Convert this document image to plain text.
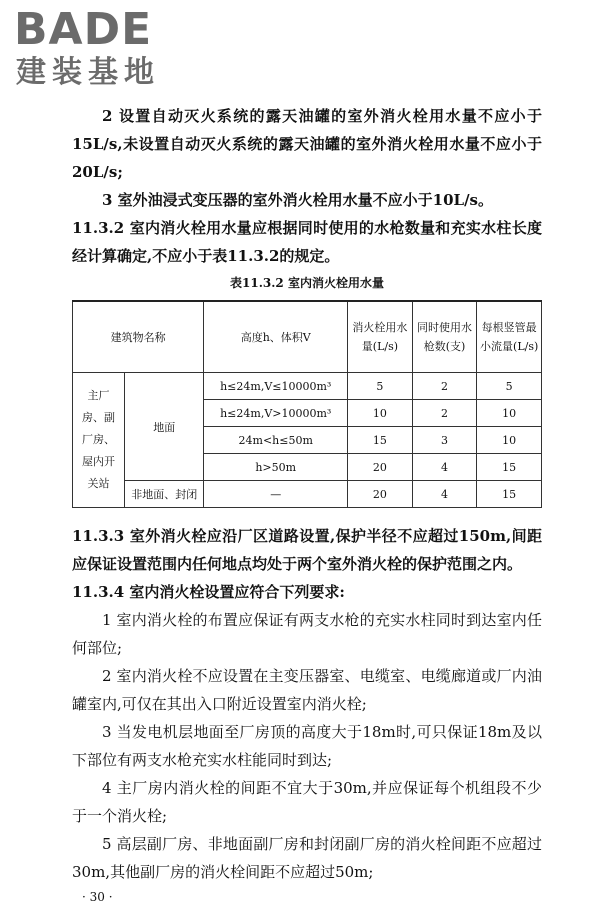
BADE
建装基地

2 设置自动灭火系统的露天油罐的室外消火栓用水量不应小于15L/s,未设置自动灭火系统的露天油罐的室外消火栓用水量不应小于20L/s;

3 室外油浸式变压器的室外消火栓用水量不应小于10L/s。

11.3.2 室内消火栓用水量应根据同时使用的水枪数量和充实水柱长度经计算确定,不应小于表11.3.2的规定。

表11.3.2 室内消火栓用水量
建筑物名称		高度h、体积V	消火栓用水量(L/s)	同时使用水枪数(支)	每根竖管最小流量(L/s)
主厂房、副厂房、屋内开关站	地面	h≤24m,V≤10000m³	5	2	5
		h≤24m,V>10000m³	10	2	10
		24m<h≤50m	15	3	10
		h>50m	20	4	15
	非地面、封闭	—	20	4	15

11.3.3 室外消火栓应沿厂区道路设置,保护半径不应超过150m,间距应保证设置范围内任何地点均处于两个室外消火栓的保护范围之内。

11.3.4 室内消火栓设置应符合下列要求:

1 室内消火栓的布置应保证有两支水枪的充实水柱同时到达室内任何部位;

2 室内消火栓不应设置在主变压器室、电缆室、电缆廊道或厂内油罐室内,可仅在其出入口附近设置室内消火栓;

3 当发电机层地面至厂房顶的高度大于18m时,可只保证18m及以下部位有两支水枪充实水柱能同时到达;

4 主厂房内消火栓的间距不宜大于30m,并应保证每个机组段不少于一个消火栓;

5 高层副厂房、非地面副厂房和封闭副厂房的消火栓间距不应超过30m,其他副厂房的消火栓间距不应超过50m;

· 30 ·
